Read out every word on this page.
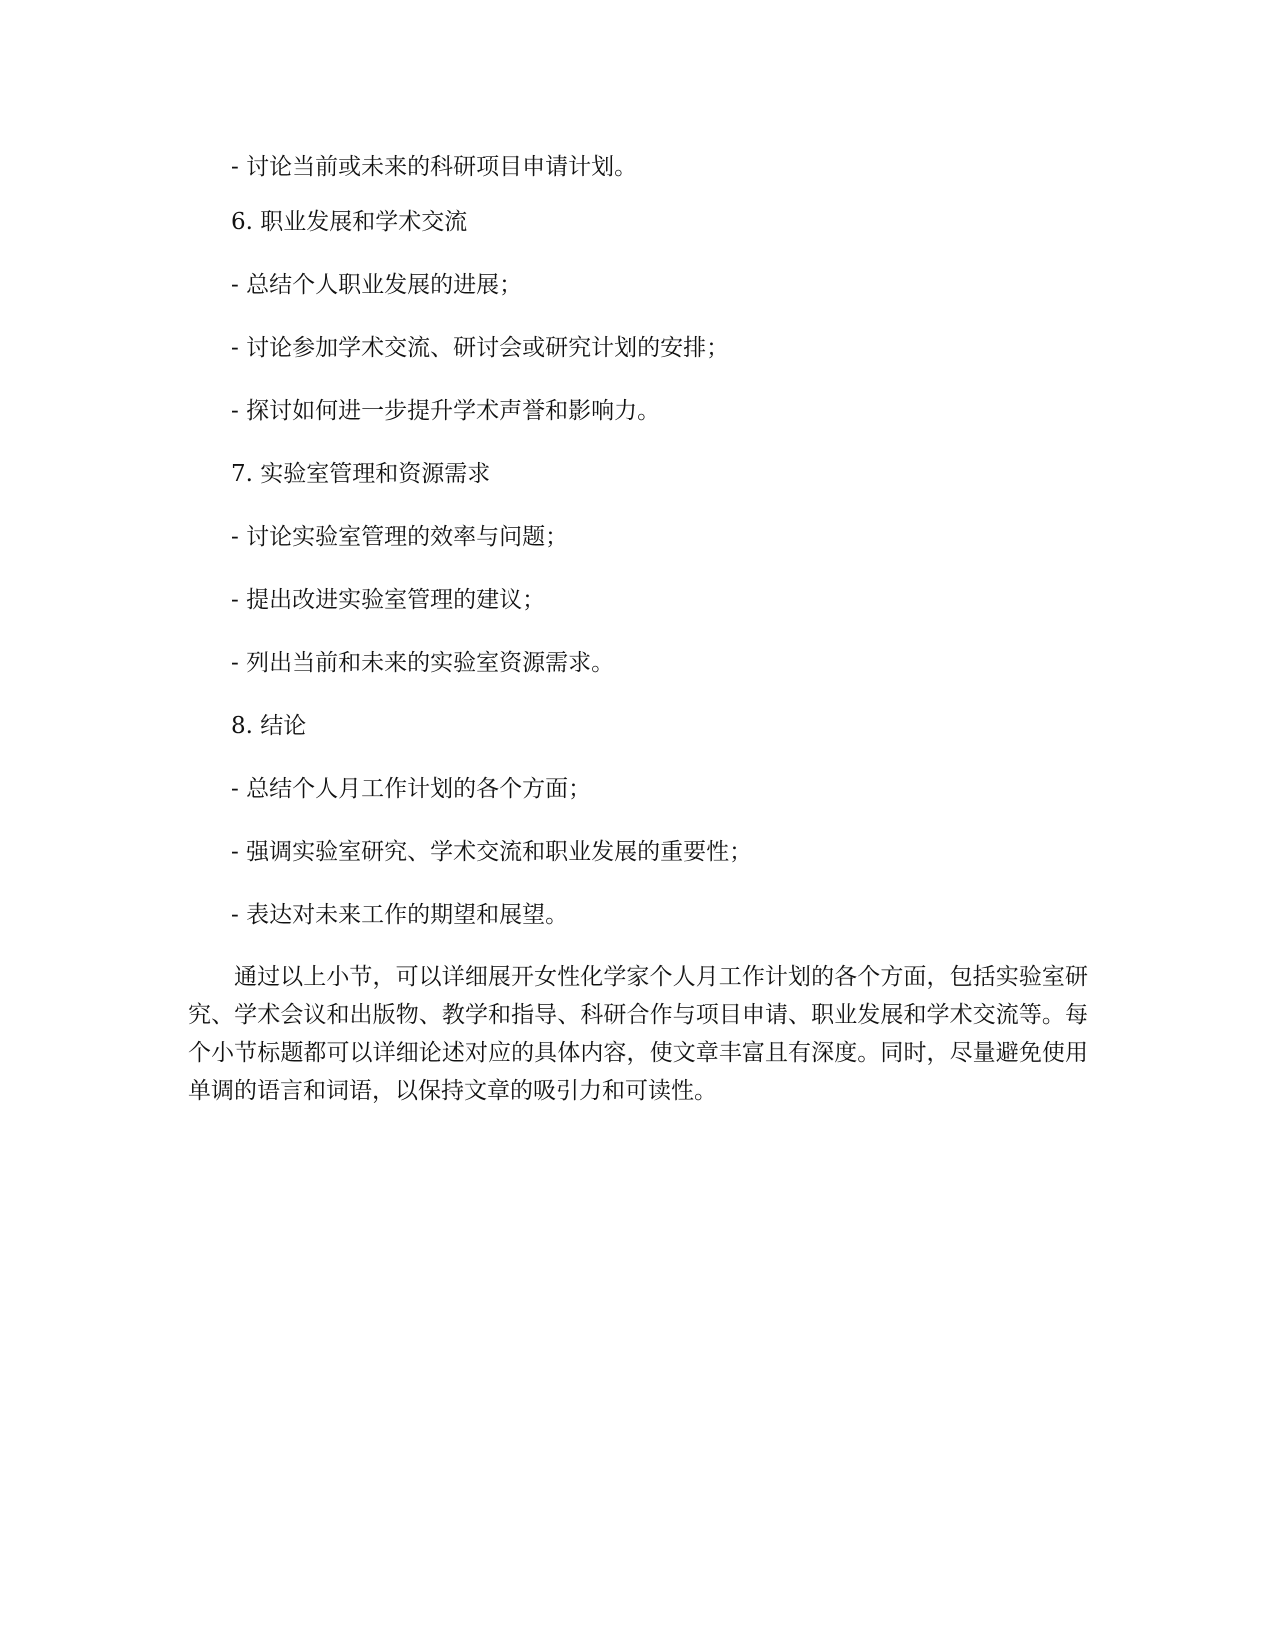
- 讨论当前或未来的科研项目申请计划。
6. 职业发展和学术交流
- 总结个人职业发展的进展；
- 讨论参加学术交流、研讨会或研究计划的安排；
- 探讨如何进一步提升学术声誉和影响力。
7. 实验室管理和资源需求
- 讨论实验室管理的效率与问题；
- 提出改进实验室管理的建议；
- 列出当前和未来的实验室资源需求。
8. 结论
- 总结个人月工作计划的各个方面；
- 强调实验室研究、学术交流和职业发展的重要性；
- 表达对未来工作的期望和展望。
通过以上小节，可以详细展开女性化学家个人月工作计划的各个方面，包括实验室研究、学术会议和出版物、教学和指导、科研合作与项目申请、职业发展和学术交流等。每个小节标题都可以详细论述对应的具体内容，使文章丰富且有深度。同时，尽量避免使用单调的语言和词语，以保持文章的吸引力和可读性。
